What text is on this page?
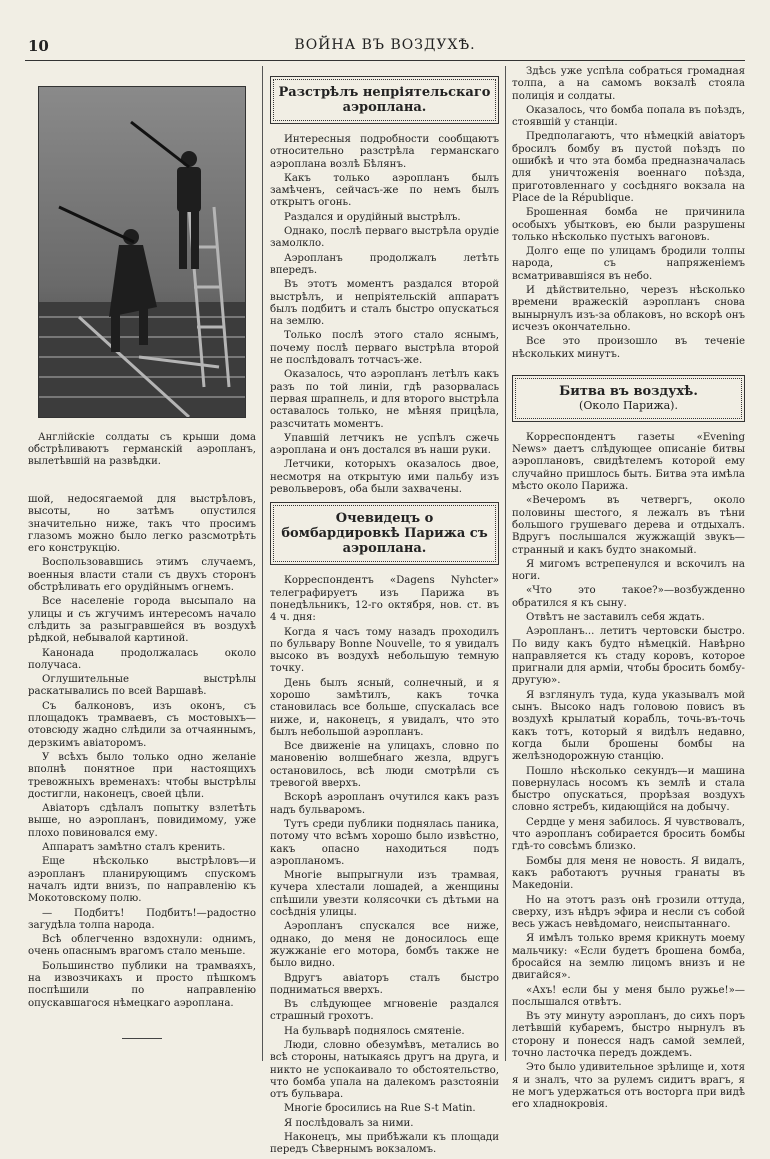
10	ВОЙНА ВЪ ВОЗДУХѢ.
Англійскіе солдаты съ крыши дома обстрѣливаютъ германскій аэропланъ, вылетѣвшій на развѣдки.

шой, недосягаемой для выстрѣловъ, высоты, но затѣмъ опустился значительно ниже, такъ что просимъ глазомъ можно было легко разсмотрѣть его конструкцію.

Воспользовавшись этимъ случаемъ, военныя власти стали съ двухъ сторонъ обстрѣливать его орудійнымъ огнемъ.

Все населеніе города высыпало на улицы и съ жгучимъ интересомъ начало слѣдить за разыгравшейся въ воздухѣ рѣдкой, небывалой картиной.

Канонада продолжалась около получаса.

Оглушительные выстрѣлы раскатывались по всей Варшавѣ.

Съ балконовъ, изъ оконъ, съ площадокъ трамваевъ, съ мостовыхъ—отовсюду жадно слѣдили за отчаяннымъ, дерзкимъ авіаторомъ.

У всѣхъ было только одно желаніе вполнѣ понятное при настоящихъ тревожныхъ временахъ: чтобы выстрѣлы достигли, наконецъ, своей цѣли.

Авіаторъ сдѣлалъ попытку взлетѣть выше, но аэропланъ, повидимому, уже плохо повиновался ему.

Аппаратъ замѣтно сталъ кренить.

Еще нѣсколько выстрѣловъ—и аэропланъ планирующимъ спускомъ началъ идти внизъ, по направленію къ Мокотовскому полю.

— Подбитъ! Подбитъ!—радостно загудѣла толпа народа.

Всѣ облегченно вздохнули: однимъ, очень опаснымъ врагомъ стало меньше.

Большинство публики на трамваяхъ, на извозчикахъ и просто пѣшкомъ поспѣшили по направленію опускавшагося нѣмецкаго аэроплана.

Разстрѣлъ непріятельскаго аэроплана.

Интересныя подробности сообщаютъ относительно разстрѣла германскаго аэроплана возлѣ Бѣлянъ.

Какъ только аэропланъ былъ замѣченъ, сейчасъ-же по немъ былъ открытъ огонь.

Раздался и орудійный выстрѣлъ.

Однако, послѣ перваго выстрѣла орудіе замолкло.

Аэропланъ продолжалъ летѣть впередъ.

Въ этотъ моментъ раздался второй выстрѣлъ, и непріятельскій аппаратъ былъ подбитъ и сталъ быстро опускаться на землю.

Только послѣ этого стало яснымъ, почему послѣ перваго выстрѣла второй не послѣдовалъ тотчасъ-же.

Оказалось, что аэропланъ летѣлъ какъ разъ по той линіи, гдѣ разорвалась первая шрапнель, и для второго выстрѣла оставалось только, не мѣняя прицѣла, разсчитать моментъ.

Упавшій летчикъ не успѣлъ сжечь аэроплана и онъ достался въ наши руки.

Летчики, которыхъ оказалось двое, несмотря на открытую ими пальбу изъ револьверовъ, оба были захвачены.

Очевидецъ о бомбардировкѣ Парижа съ аэроплана.

Корреспондентъ «Dagens Nyhcter» телеграфируетъ изъ Парижа въ понедѣльникъ, 12-го октября, нов. ст. въ 4 ч. дня:

Когда я часъ тому назадъ проходилъ по бульвару Bonne Nouvelle, то я увидалъ высоко въ воздухѣ небольшую темную точку.

День былъ ясный, солнечный, и я хорошо замѣтилъ, какъ точка становилась все больше, спускалась все ниже, и, наконецъ, я увидалъ, что это былъ небольшой аэропланъ.

Все движеніе на улицахъ, словно по мановенію волшебнаго жезла, вдругъ остановилось, всѣ люди смотрѣли съ тревогой вверхъ.

Вскорѣ аэропланъ очутился какъ разъ надъ бульваромъ.

Тутъ среди публики поднялась паника, потому что всѣмъ хорошо было извѣстно, какъ опасно находиться подъ аэропланомъ.

Многіе выпрыгнули изъ трамвая, кучера хлестали лошадей, а женщины спѣшили увезти колясочки съ дѣтьми на сосѣднія улицы.

Аэропланъ спускался все ниже, однако, до меня не доносилось еще жужжаніе его мотора, бомбъ также не было видно.

Вдругъ авіаторъ сталъ быстро подниматься вверхъ.

Въ слѣдующее мгновеніе раздался страшный грохотъ.

На бульварѣ поднялось смятеніе.

Люди, словно обезумѣвъ, метались во всѣ стороны, натыкаясь другъ на друга, и никто не успокаивало то обстоятельство, что бомба упала на далекомъ разстояніи отъ бульвара.

Многіе бросились на Rue S-t Matin.

Я послѣдовалъ за ними.

Наконецъ, мы прибѣжали къ площади передъ Сѣвернымъ вокзаломъ.

Здѣсь уже успѣла собраться громадная толпа, а на самомъ вокзалѣ стояла полиція и солдаты.

Оказалось, что бомба попала въ поѣздъ, стоявшій у станціи.

Предполагаютъ, что нѣмецкій авіаторъ бросилъ бомбу въ пустой поѣздъ по ошибкѣ и что эта бомба предназначалась для уничтоженія военнаго поѣзда, приготовленнаго у сосѣдняго вокзала на Place de la République.

Брошенная бомба не причинила особыхъ убытковъ, ею были разрушены только нѣсколько пустыхъ вагоновъ.

Долго еще по улицамъ бродили толпы народа, съ напряженіемъ всматривавшіяся въ небо.

И дѣйствительно, черезъ нѣсколько времени вражескій аэропланъ снова вынырнулъ изъ-за облаковъ, но вскорѣ онъ исчезъ окончательно.

Все это произошло въ теченіе нѣскольких минутъ.

Битва въ воздухѣ.
(Около Парижа).

Корреспондентъ газеты «Evening News» даетъ слѣдующее описаніе битвы аэроплановъ, свидѣтелемъ которой ему случайно пришлось быть. Битва эта имѣла мѣсто около Парижа.

«Вечеромъ въ четвергъ, около половины шестого, я лежалъ въ тѣни большого грушеваго дерева и отдыхалъ. Вдругъ послышался жужжащій звукъ—странный и какъ будто знакомый.

Я мигомъ встрепенулся и вскочилъ на ноги.

«Что это такое?»—возбужденно обратился я къ сыну.

Отвѣтъ не заставилъ себя ждать.

Аэропланъ... летитъ чертовски быстро. По виду какъ будто нѣмецкій. Навѣрно направляется къ стаду коровъ, которое пригнали для арміи, чтобы бросить бомбу-другую».

Я взглянулъ туда, куда указывалъ мой сынъ. Высоко надъ головою повисъ въ воздухѣ крылатый корабль, точь-въ-точь какъ тотъ, который я видѣлъ недавно, когда были брошены бомбы на желѣзнодорожную станцію.

Пошло нѣсколько секундъ—и машина повернулась носомъ къ землѣ и стала быстро опускаться, прорѣзая воздухъ словно ястребъ, кидающійся на добычу.

Сердце у меня забилось. Я чувствовалъ, что аэропланъ собирается бросить бомбы гдѣ-то совсѣмъ близко.

Бомбы для меня не новость. Я видалъ, какъ работаютъ ручныя гранаты въ Македоніи.

Но на этотъ разъ онѣ грозили оттуда, сверху, изъ нѣдръ эфира и несли съ собой весь ужасъ невѣдомаго, неиспытаннаго.

Я имѣлъ только время крикнуть моему мальчику: «Если будетъ брошена бомба, бросайся на землю лицомъ внизъ и не двигайся».

«Ахъ! если бы у меня было ружье!»—послышался отвѣтъ.

Въ эту минуту аэропланъ, до сихъ поръ летѣвшій кубаремъ, быстро нырнулъ въ сторону и понесся надъ самой землей, точно ласточка передъ дождемъ.

Это было удивительное зрѣлище и, хотя я и зналъ, что за рулемъ сидитъ врагъ, я не могъ удержаться отъ восторга при видѣ его хладнокровія.
